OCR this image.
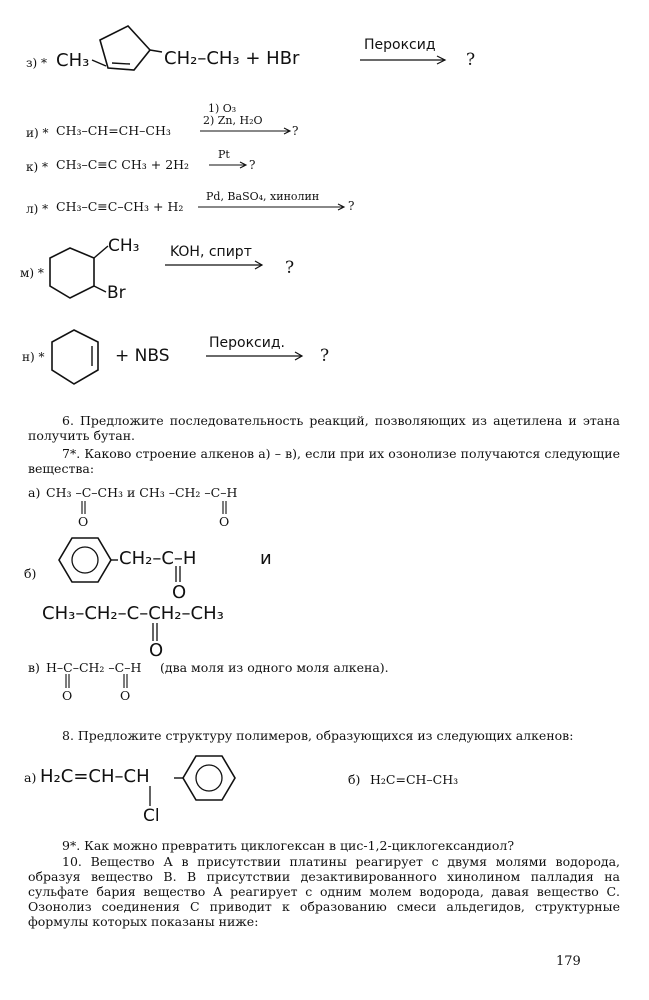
з) * CH₃	CH₂–CH₃ + HBr
Пероксид
?
и) * CH₃–CH=CH–CH₃
1) O₃
2) Zn, H₂O
?
к) * CH₃–C≡C CH₃ + 2H₂
Pt
?
л) * CH₃–C≡C–CH₃ + H₂
Pd, BaSO₄, хинолин
?
м) *
CH₃
Br
KOH, спирт
?
н) *	+ NBS
Пероксид.
?
6. Предложите последовательность реакций, позволяющих из ацетилена и этана получить бутан.
7*. Каково строение алкенов а) – в), если при их озонолизе получаются следующие вещества:
а) CH₃ –C–CH₃ и CH₃ –CH₂ –C–H
O	O
б)
CH₂–C–H
O
и
CH₃–CH₂–C–CH₂–CH₃
O
в) H–C–CH₂ –C–H (два моля из одного моля алкена).
O	O
8. Предложите структуру полимеров, образующихся из следующих алкенов:
а) H₂C=CH–CH
Cl
б) H₂C=CH–CH₃
9*. Как можно превратить циклогексан в цис-1,2-циклогександиол?
10. Вещество А в присутствии платины реагирует с двумя молями водорода, образуя вещество В. В присутствии дезактивированного хинолином палладия на сульфате бария вещество А реагирует с одним молем водорода, давая вещество С. Озонолиз соединения С приводит к образованию смеси альдегидов, структурные формулы которых показаны ниже:
179
